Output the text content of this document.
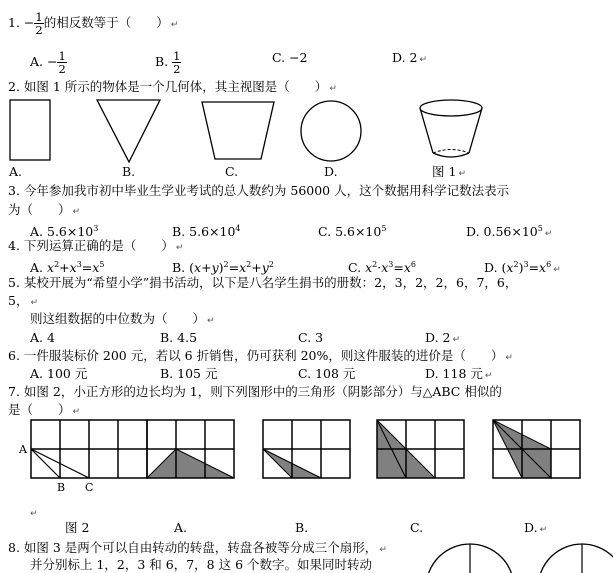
1. − $\frac{1}{2}$ 的相反数等于（　　） ↵
A. − $\frac{1}{2}$	B. $\frac{1}{2}$	C. −2	D. 2 ↵
2. 如图 1 所示的物体是一个几何体，其主视图是（　　） ↵
A.	B.	C.	D.	图 1 ↵
3. 今年参加我市初中毕业生学业考试的总人数约为 56000 人，这个数据用科学记数法表示
为（　　） ↵
A. $5.6\times 10^3$	B. $5.6\times 10^4$	C. $5.6\times 10^5$	D. $0.56\times 10^5↵$
4. 下列运算正确的是（　　） ↵
A. $x^2+x^3=x^5$	B. $(x+y)^2=x^2+y^2$	C. $x^2\cdot x^3=x^6$	D. $(x^2)^3=x^6↵$
5. 某校开展为“希望小学”捐书活动，以下是八名学生捐书的册数：2，3，2，2，6，7，6，
5， ↵
则这组数据的中位数为（　　） ↵
A. 4	B. 4.5	C. 3	D. 2 ↵
6. 一件服装标价 200 元，若以 6 折销售，仍可获利 20%，则这件服装的进价是（　　） ↵
A. 100 元	B. 105 元	C. 108 元	D. 118 元 ↵
7. 如图 2，小正方形的边长均为 1，则下列图形中的三角形（阴影部分）与△ABC 相似的
是（　　） ↵
A
B C
↵
图 2	A.	B.	C.	D. ↵
8. 如图 3 是两个可以自由转动的转盘，转盘各被等分成三个扇形， ↵
并分别标上 1，2，3 和 6，7，8 这 6 个数字。如果同时转动
